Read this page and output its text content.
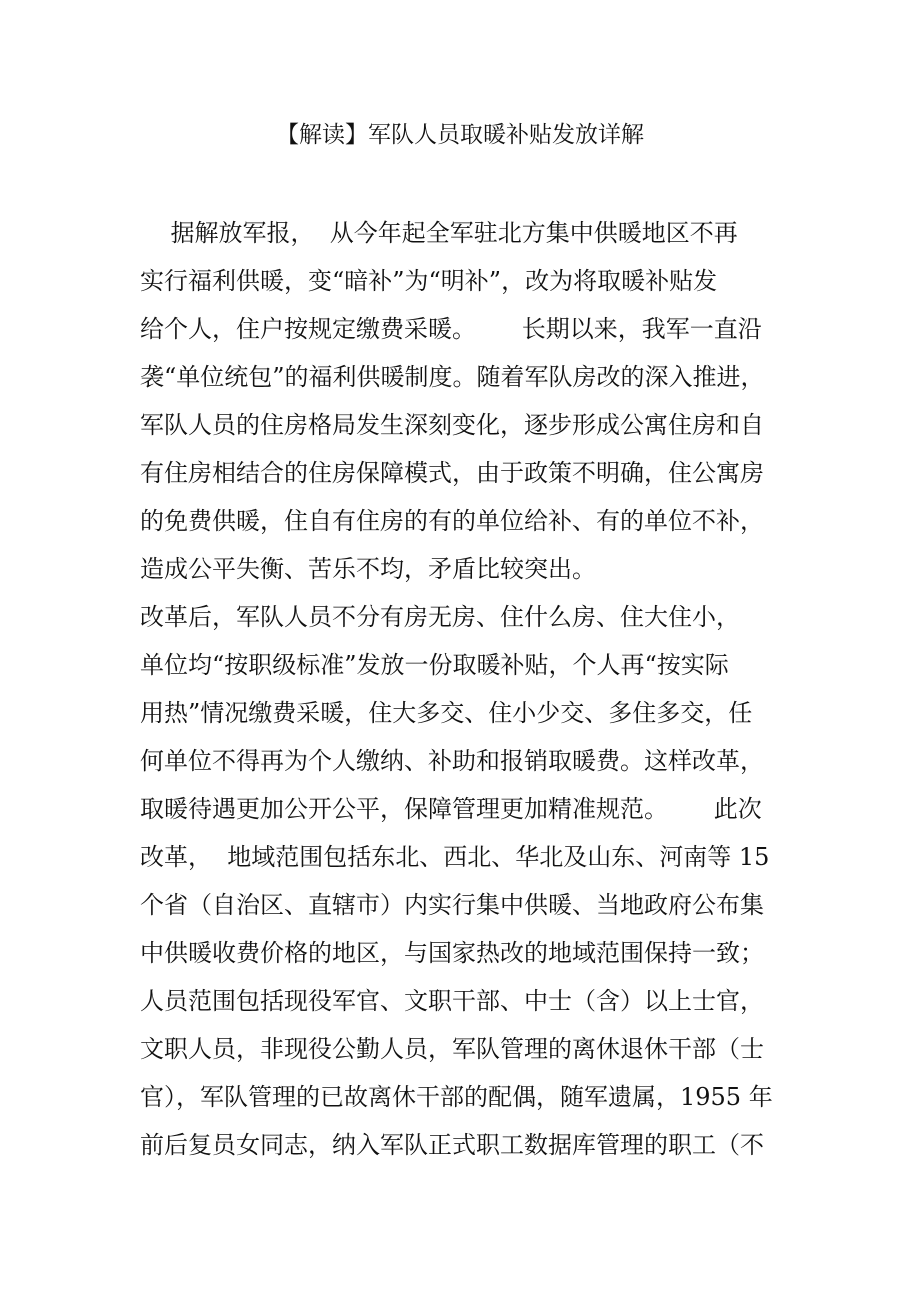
【解读】军队人员取暖补贴发放详解
据解放军报，  从今年起全军驻北方集中供暖地区不再
实行福利供暖，变“暗补”为“明补”，改为将取暖补贴发
给个人，住户按规定缴费采暖。      长期以来，我军一直沿
袭“单位统包”的福利供暖制度。随着军队房改的深入推进，
军队人员的住房格局发生深刻变化，逐步形成公寓住房和自
有住房相结合的住房保障模式，由于政策不明确，住公寓房
的免费供暖，住自有住房的有的单位给补、有的单位不补，
造成公平失衡、苦乐不均，矛盾比较突出。
改革后，军队人员不分有房无房、住什么房、住大住小，
单位均“按职级标准”发放一份取暖补贴，个人再“按实际
用热”情况缴费采暖，住大多交、住小少交、多住多交，任
何单位不得再为个人缴纳、补助和报销取暖费。这样改革，
取暖待遇更加公开公平，保障管理更加精准规范。      此次
改革，  地域范围包括东北、西北、华北及山东、河南等 15
个省（自治区、直辖市）内实行集中供暖、当地政府公布集
中供暖收费价格的地区，与国家热改的地域范围保持一致；
人员范围包括现役军官、文职干部、中士（含）以上士官，
文职人员，非现役公勤人员，军队管理的离休退休干部（士
官），军队管理的已故离休干部的配偶，随军遗属，1955 年
前后复员女同志，纳入军队正式职工数据库管理的职工（不
